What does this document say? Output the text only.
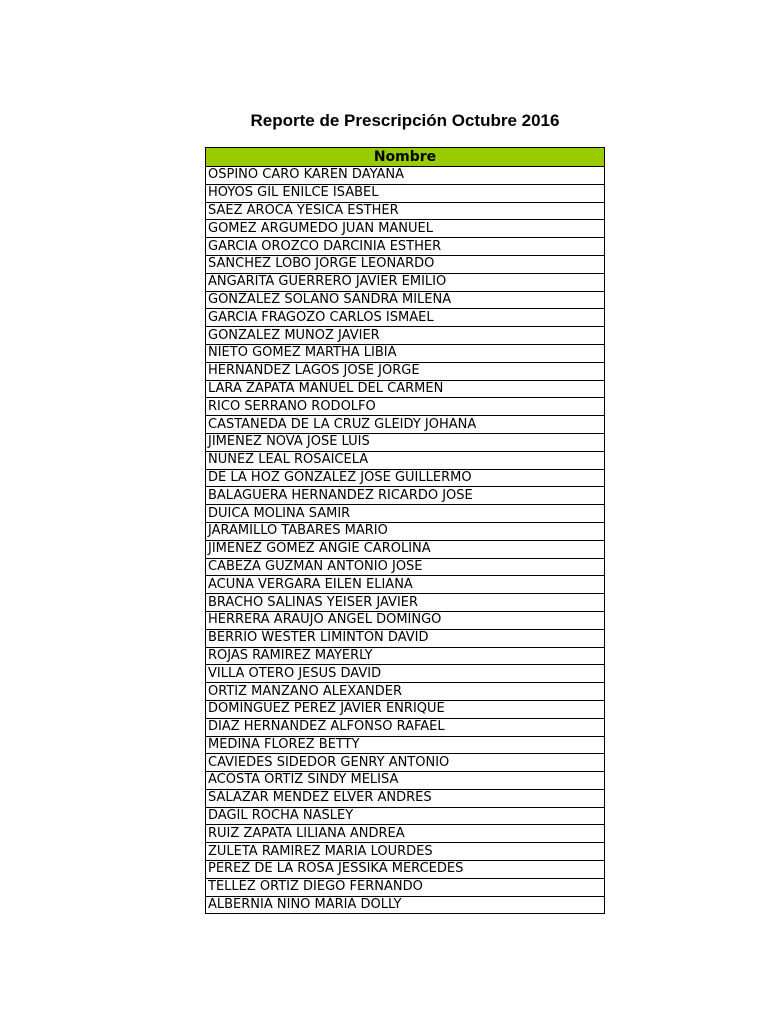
Reporte de Prescripción Octubre 2016
Nombre
OSPINO CARO KAREN DAYANA
HOYOS GIL ENILCE ISABEL
SAEZ AROCA YESICA ESTHER
GOMEZ ARGUMEDO JUAN MANUEL
GARCIA OROZCO DARCINIA ESTHER
SANCHEZ LOBO JORGE LEONARDO
ANGARITA GUERRERO JAVIER EMILIO
GONZALEZ SOLANO SANDRA MILENA
GARCIA FRAGOZO CARLOS ISMAEL
GONZALEZ MUNOZ JAVIER
NIETO GOMEZ MARTHA LIBIA
HERNANDEZ LAGOS JOSE JORGE
LARA ZAPATA MANUEL DEL CARMEN
RICO SERRANO RODOLFO
CASTANEDA DE LA CRUZ GLEIDY JOHANA
JIMENEZ NOVA JOSE LUIS
NUNEZ LEAL ROSAICELA
DE LA HOZ GONZALEZ JOSE GUILLERMO
BALAGUERA HERNANDEZ RICARDO JOSE
DUICA MOLINA SAMIR
JARAMILLO TABARES MARIO
JIMENEZ GOMEZ ANGIE CAROLINA
CABEZA GUZMAN ANTONIO JOSE
ACUNA VERGARA EILEN ELIANA
BRACHO SALINAS YEISER JAVIER
HERRERA ARAUJO ANGEL DOMINGO
BERRIO WESTER LIMINTON DAVID
ROJAS RAMIREZ MAYERLY
VILLA OTERO JESUS DAVID
ORTIZ MANZANO ALEXANDER
DOMINGUEZ PEREZ JAVIER ENRIQUE
DIAZ HERNANDEZ ALFONSO RAFAEL
MEDINA FLOREZ BETTY
CAVIEDES SIDEDOR GENRY ANTONIO
ACOSTA ORTIZ SINDY MELISA
SALAZAR MENDEZ ELVER ANDRES
DAGIL ROCHA NASLEY
RUIZ ZAPATA LILIANA ANDREA
ZULETA RAMIREZ MARIA LOURDES
PEREZ DE LA ROSA JESSIKA MERCEDES
TELLEZ ORTIZ DIEGO FERNANDO
ALBERNIA NINO MARIA DOLLY
